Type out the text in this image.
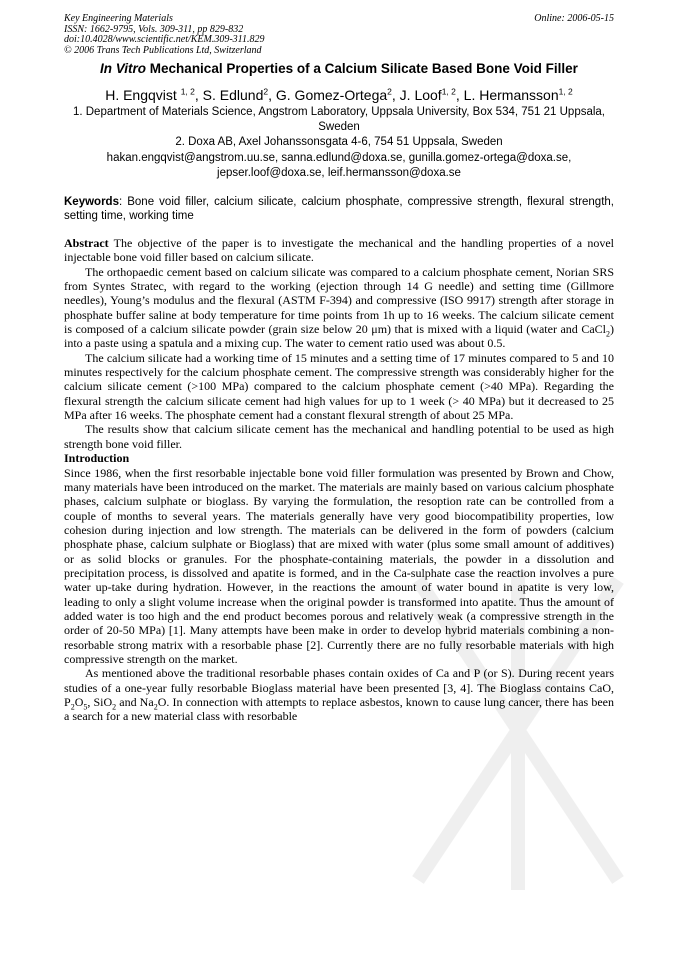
Key Engineering Materials	Online: 2006-05-15
ISSN: 1662-9795, Vols. 309-311, pp 829-832
doi:10.4028/www.scientific.net/KEM.309-311.829
© 2006 Trans Tech Publications Ltd, Switzerland
In Vitro Mechanical Properties of a Calcium Silicate Based Bone Void Filler
H. Engqvist $^{1, 2}$, S. Edlund$^2$, G. Gomez-Ortega$^2$, J. Loof$^{1, 2}$, L. Hermansson$^{1, 2}$
1. Department of Materials Science, Angstrom Laboratory, Uppsala University, Box 534, 751 21 Uppsala, Sweden
2. Doxa AB, Axel Johanssonsgata 4-6, 754 51 Uppsala, Sweden
hakan.engqvist@angstrom.uu.se, sanna.edlund@doxa.se, gunilla.gomez-ortega@doxa.se, jepser.loof@doxa.se, leif.hermansson@doxa.se
Keywords: Bone void filler, calcium silicate, calcium phosphate, compressive strength, flexural strength, setting time, working time

Abstract The objective of the paper is to investigate the mechanical and the handling properties of a novel injectable bone void filler based on calcium silicate.

The orthopaedic cement based on calcium silicate was compared to a calcium phosphate cement, Norian SRS from Syntes Stratec, with regard to the working (ejection through 14 G needle) and setting time (Gillmore needles), Young’s modulus and the flexural (ASTM F-394) and compressive (ISO 9917) strength after storage in phosphate buffer saline at body temperature for time points from 1h up to 16 weeks. The calcium silicate cement is composed of a calcium silicate powder (grain size below 20 μm) that is mixed with a liquid (water and CaCl$_2$) into a paste using a spatula and a mixing cup. The water to cement ratio used was about 0.5.

The calcium silicate had a working time of 15 minutes and a setting time of 17 minutes compared to 5 and 10 minutes respectively for the calcium phosphate cement. The compressive strength was considerably higher for the calcium silicate cement (>100 MPa) compared to the calcium phosphate cement (>40 MPa). Regarding the flexural strength the calcium silicate cement had high values for up to 1 week (> 40 MPa) but it decreased to 25 MPa after 16 weeks. The phosphate cement had a constant flexural strength of about 25 MPa.

The results show that calcium silicate cement has the mechanical and handling potential to be used as high strength bone void filler.

Introduction

Since 1986, when the first resorbable injectable bone void filler formulation was presented by Brown and Chow, many materials have been introduced on the market. The materials are mainly based on various calcium phosphate phases, calcium sulphate or bioglass. By varying the formulation, the resoption rate can be controlled from a couple of months to several years. The materials generally have very good biocompatibility properties, low cohesion during injection and low strength. The materials can be delivered in the form of powders (calcium phosphate phase, calcium sulphate or Bioglass) that are mixed with water (plus some small amount of additives) or as solid blocks or granules. For the phosphate-containing materials, the powder in a dissolution and precipitation process, is dissolved and apatite is formed, and in the Ca-sulphate case the reaction involves a pure water up-take during hydration. However, in the reactions the amount of water bound in apatite is very low, leading to only a slight volume increase when the original powder is transformed into apatite. Thus the amount of added water is too high and the end product becomes porous and relatively weak (a compressive strength in the order of 20-50 MPa) [1]. Many attempts have been make in order to develop hybrid materials combining a non-resorbable strong matrix with a resorbable phase [2]. Currently there are no fully resorbable materials with high compressive strength on the market.

As mentioned above the traditional resorbable phases contain oxides of Ca and P (or S). During recent years studies of a one-year fully resorbable Bioglass material have been presented [3, 4]. The Bioglass contains CaO, $P_2O_5$, SiO$_2$ and $Na_2O$. In connection with attempts to replace asbestos, known to cause lung cancer, there has been a search for a new material class with resorbable
